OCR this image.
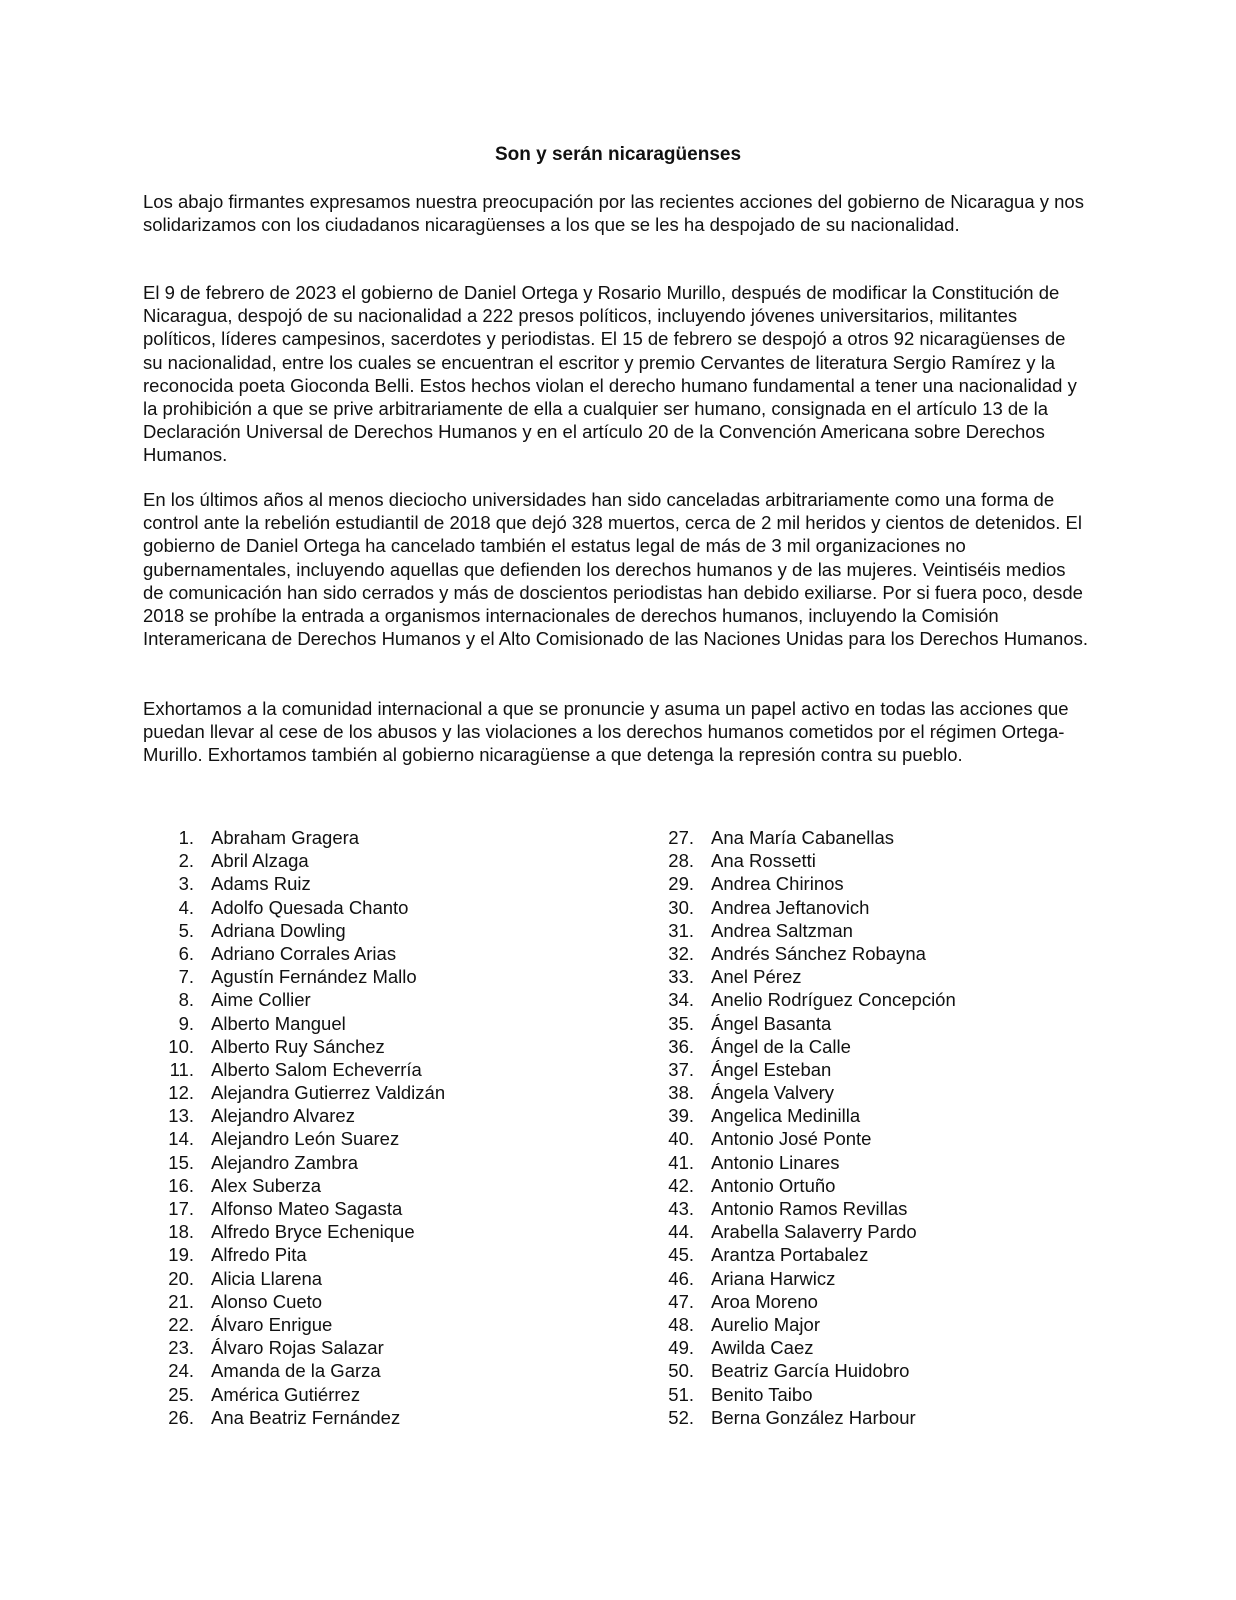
Son y serán nicaragüenses

Los abajo firmantes expresamos nuestra preocupación por las recientes acciones del gobierno de Nicaragua y nos solidarizamos con los ciudadanos nicaragüenses a los que se les ha despojado de su nacionalidad.

El 9 de febrero de 2023 el gobierno de Daniel Ortega y Rosario Murillo, después de modificar la Constitución de Nicaragua, despojó de su nacionalidad a 222 presos políticos, incluyendo jóvenes universitarios, militantes políticos, líderes campesinos, sacerdotes y periodistas. El 15 de febrero se despojó a otros 92 nicaragüenses de su nacionalidad, entre los cuales se encuentran el escritor y premio Cervantes de literatura Sergio Ramírez y la reconocida poeta Gioconda Belli. Estos hechos violan el derecho humano fundamental a tener una nacionalidad y la prohibición a que se prive arbitrariamente de ella a cualquier ser humano, consignada en el artículo 13 de la Declaración Universal de Derechos Humanos y en el artículo 20 de la Convención Americana sobre Derechos Humanos.

En los últimos años al menos dieciocho universidades han sido canceladas arbitrariamente como una forma de control ante la rebelión estudiantil de 2018 que dejó 328 muertos, cerca de 2 mil heridos y cientos de detenidos. El gobierno de Daniel Ortega ha cancelado también el estatus legal de más de 3 mil organizaciones no gubernamentales, incluyendo aquellas que defienden los derechos humanos y de las mujeres. Veintiséis medios de comunicación han sido cerrados y más de doscientos periodistas han debido exiliarse. Por si fuera poco, desde 2018 se prohíbe la entrada a organismos internacionales de derechos humanos, incluyendo la Comisión Interamericana de Derechos Humanos y el Alto Comisionado de las Naciones Unidas para los Derechos Humanos.

Exhortamos a la comunidad internacional a que se pronuncie y asuma un papel activo en todas las acciones que puedan llevar al cese de los abusos y las violaciones a los derechos humanos cometidos por el régimen Ortega-Murillo. Exhortamos también al gobierno nicaragüense a que detenga la represión contra su pueblo.

1. Abraham Gragera
2. Abril Alzaga
3. Adams Ruiz
4. Adolfo Quesada Chanto
5. Adriana Dowling
6. Adriano Corrales Arias
7. Agustín Fernández Mallo
8. Aime Collier
9. Alberto Manguel
10. Alberto Ruy Sánchez
11. Alberto Salom Echeverría
12. Alejandra Gutierrez Valdizán
13. Alejandro Alvarez
14. Alejandro León Suarez
15. Alejandro Zambra
16. Alex Suberza
17. Alfonso Mateo Sagasta
18. Alfredo Bryce Echenique
19. Alfredo Pita
20. Alicia Llarena
21. Alonso Cueto
22. Álvaro Enrigue
23. Álvaro Rojas Salazar
24. Amanda de la Garza
25. América Gutiérrez
26. Ana Beatriz Fernández
27. Ana María Cabanellas
28. Ana Rossetti
29. Andrea Chirinos
30. Andrea Jeftanovich
31. Andrea Saltzman
32. Andrés Sánchez Robayna
33. Anel Pérez
34. Anelio Rodríguez Concepción
35. Ángel Basanta
36. Ángel de la Calle
37. Ángel Esteban
38. Ángela Valvery
39. Angelica Medinilla
40. Antonio José Ponte
41. Antonio Linares
42. Antonio Ortuño
43. Antonio Ramos Revillas
44. Arabella Salaverry Pardo
45. Arantza Portabalez
46. Ariana Harwicz
47. Aroa Moreno
48. Aurelio Major
49. Awilda Caez
50. Beatriz García Huidobro
51. Benito Taibo
52. Berna González Harbour
